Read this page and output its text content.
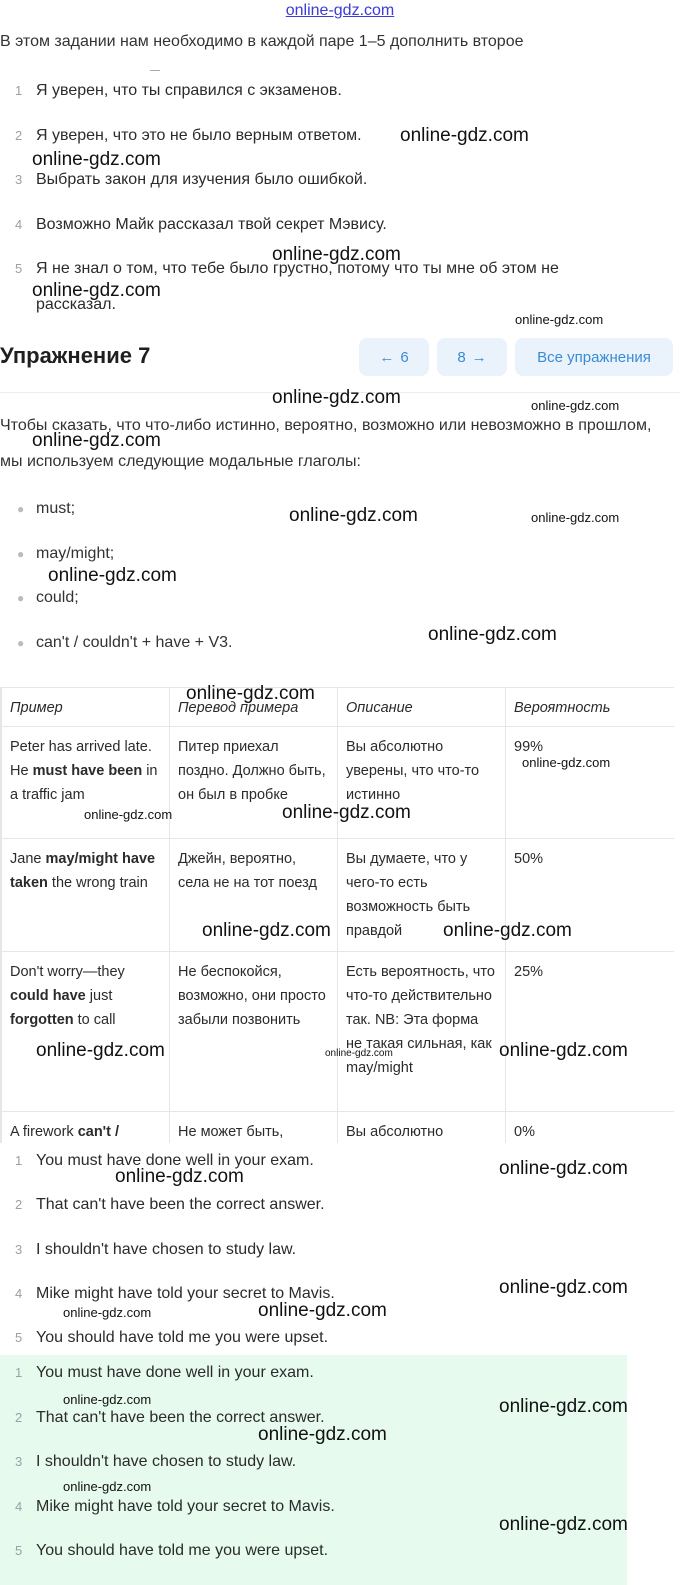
online-gdz.com
В этом задании нам необходимо в каждой паре 1–5 дополнить второе
1 Я уверен, что ты справился с экзаменов.
2 Я уверен, что это не было верным ответом.
3 Выбрать закон для изучения было ошибкой.
4 Возможно Майк рассказал твой секрет Мэвису.
5 Я не знал о том, что тебе было грустно, потому что ты мне об этом не рассказал.
Упражнение 7	← 6	8 →	Все упражнения
Чтобы сказать, что что-либо истинно, вероятно, возможно или невозможно в прошлом, мы используем следующие модальные глаголы:
● must;
● may/might;
● could;
● can't / couldn't + have + V3.
Пример	Перевод примера	Описание	Вероятность
Peter has arrived late. He must have been in a traffic jam	Питер приехал поздно. Должно быть, он был в пробке	Вы абсолютно уверены, что что-то истинно	99%
Jane may/might have taken the wrong train	Джейн, вероятно, села не на тот поезд	Вы думаете, что у чего-то есть возможность быть правдой	50%
Don't worry—they could have just forgotten to call	Не беспокойся, возможно, они просто забыли позвонить	Есть вероятность, что что-то действительно так. NB: Эта форма не такая сильная, как may/might	25%
A firework can't /	Не может быть,	Вы абсолютно	0%
1 You must have done well in your exam.
2 That can't have been the correct answer.
3 I shouldn't have chosen to study law.
4 Mike might have told your secret to Mavis.
5 You should have told me you were upset.
1 You must have done well in your exam.
2 That can't have been the correct answer.
3 I shouldn't have chosen to study law.
4 Mike might have told your secret to Mavis.
5 You should have told me you were upset.
online-gdz.com
online-gdz.com
online-gdz.com
online-gdz.com
online-gdz.com
online-gdz.com	online-gdz.com
online-gdz.com
online-gdz.com	online-gdz.com
online-gdz.com
online-gdz.com
online-gdz.com
online-gdz.com
online-gdz.com	online-gdz.com
online-gdz.com	online-gdz.com
online-gdz.com	online-gdz.com	online-gdz.com
online-gdz.com
online-gdz.com
online-gdz.com
online-gdz.com	online-gdz.com
online-gdz.com	online-gdz.com
online-gdz.com
online-gdz.com
online-gdz.com
